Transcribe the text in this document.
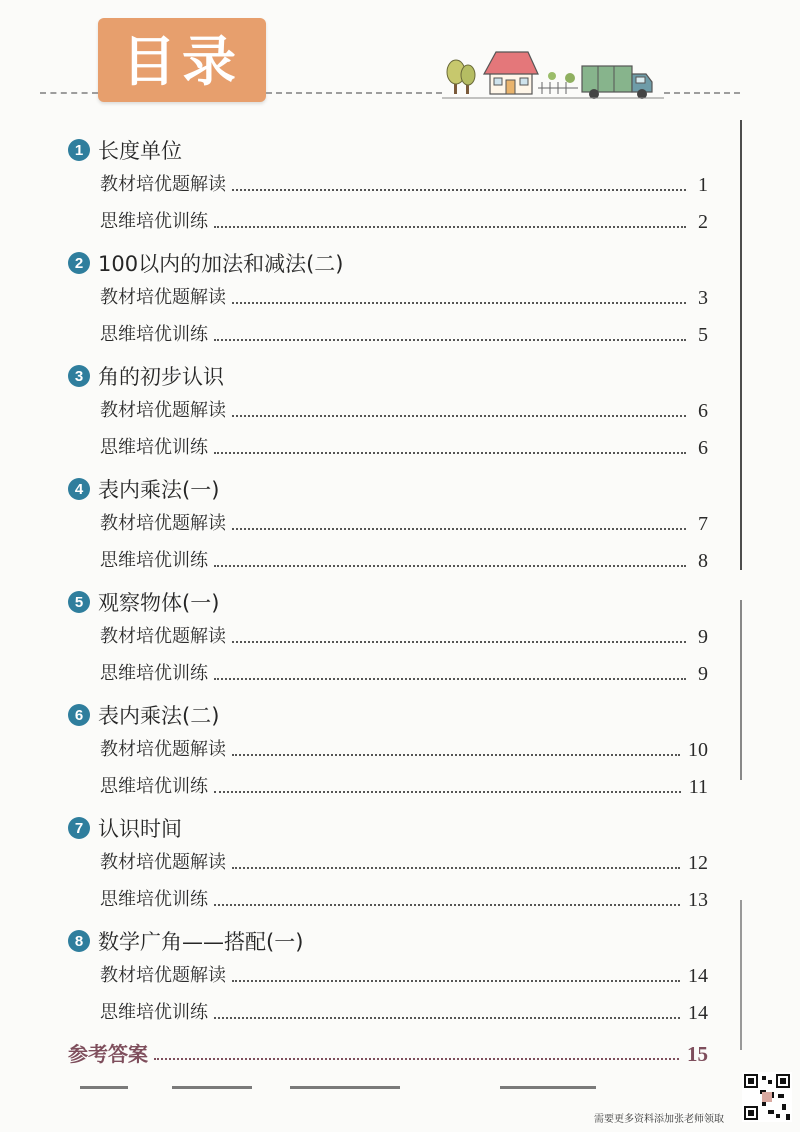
目录
1 长度单位
教材培优题解读	1
思维培优训练	2
2 100以内的加法和减法(二)
教材培优题解读	3
思维培优训练	5
3 角的初步认识
教材培优题解读	6
思维培优训练	6
4 表内乘法(一)
教材培优题解读	7
思维培优训练	8
5 观察物体(一)
教材培优题解读	9
思维培优训练	9
6 表内乘法(二)
教材培优题解读	10
思维培优训练	11
7 认识时间
教材培优题解读	12
思维培优训练	13
8 数学广角——搭配(一)
教材培优题解读	14
思维培优训练	14
参考答案	15
需要更多资料添加张老师领取
